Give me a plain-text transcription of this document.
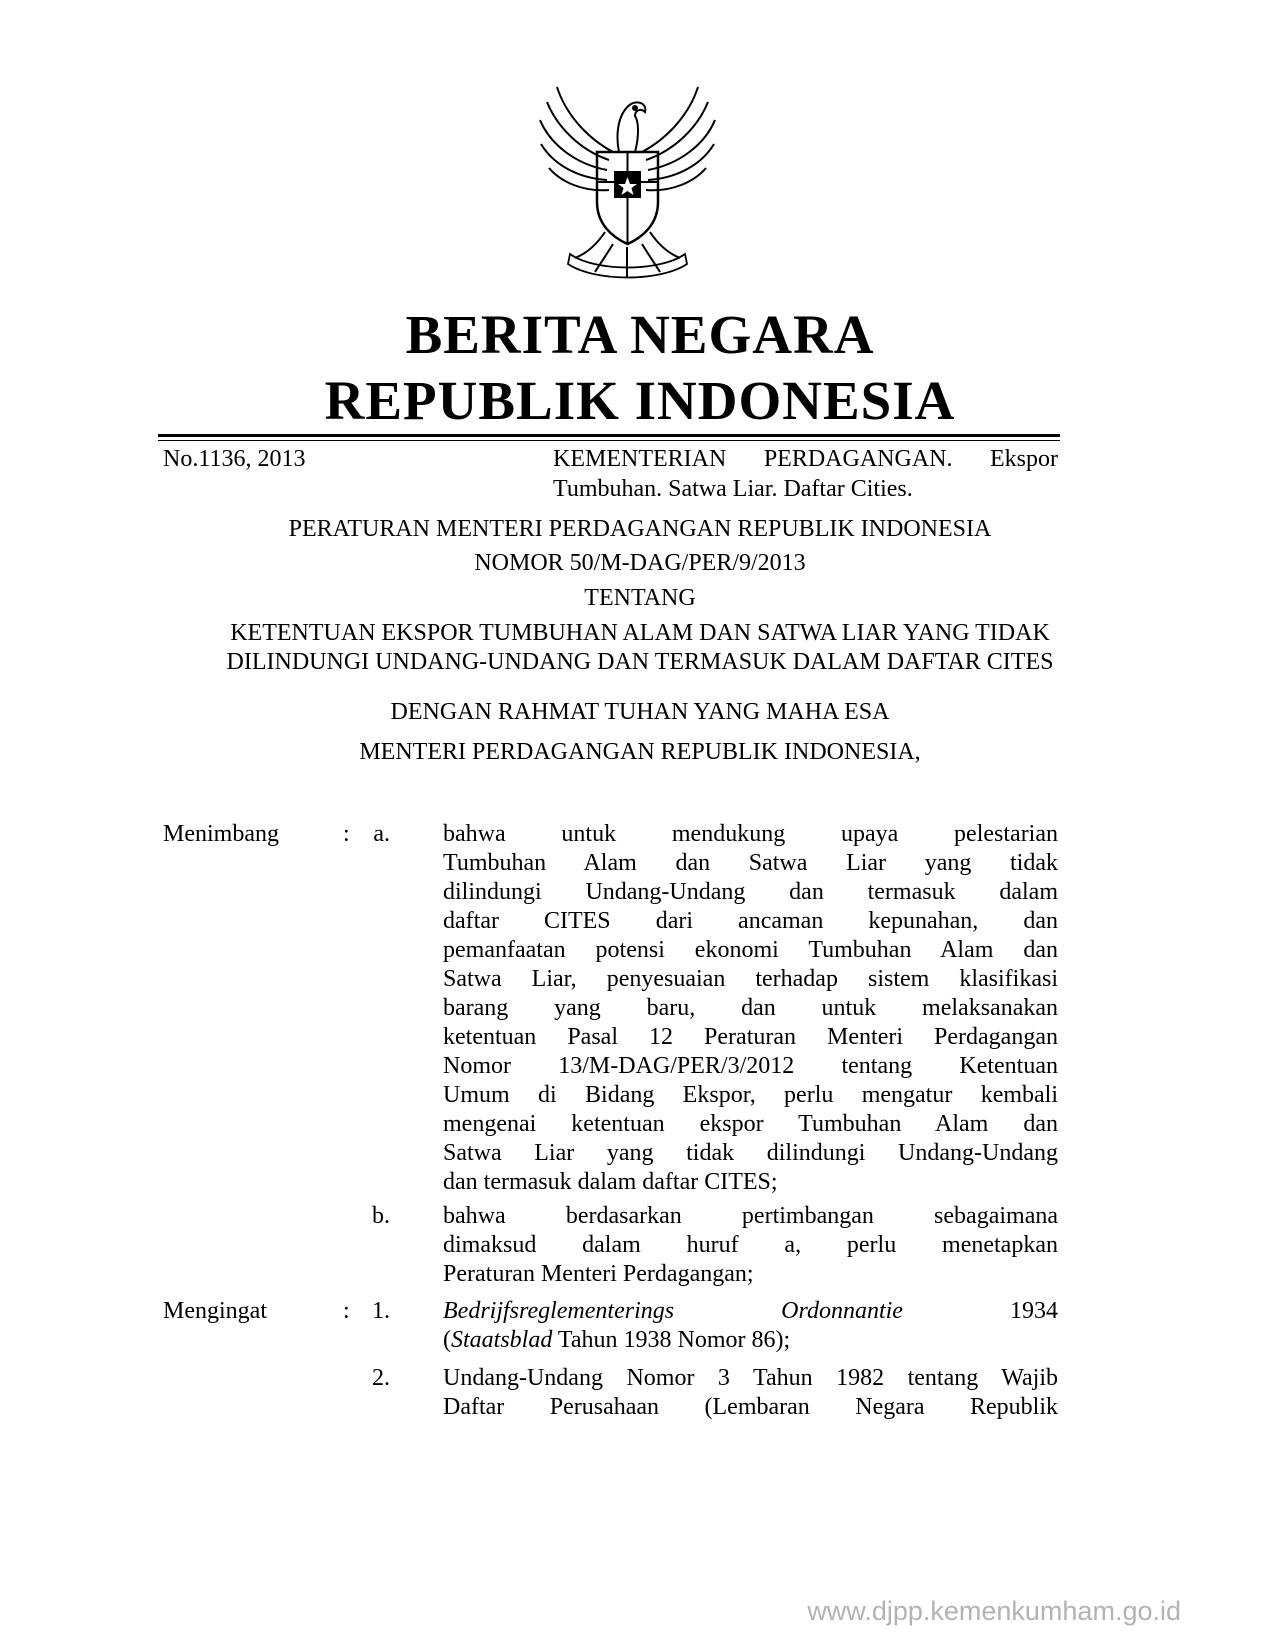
BERITA NEGARA
REPUBLIK INDONESIA
No.1136, 2013	KEMENTERIAN PERDAGANGAN. Ekspor
Tumbuhan. Satwa Liar. Daftar Cities.
PERATURAN MENTERI PERDAGANGAN REPUBLIK INDONESIA
NOMOR 50/M-DAG/PER/9/2013
TENTANG
KETENTUAN EKSPOR TUMBUHAN ALAM DAN SATWA LIAR YANG TIDAK
DILINDUNGI UNDANG-UNDANG DAN TERMASUK DALAM DAFTAR CITES
DENGAN RAHMAT TUHAN YANG MAHA ESA
MENTERI PERDAGANGAN REPUBLIK INDONESIA,
Menimbang	: a. bahwa untuk mendukung upaya pelestarian
Tumbuhan Alam dan Satwa Liar yang tidak
dilindungi Undang-Undang dan termasuk dalam
daftar CITES dari ancaman kepunahan, dan
pemanfaatan potensi ekonomi Tumbuhan Alam dan
Satwa Liar, penyesuaian terhadap sistem klasifikasi
barang yang baru, dan untuk melaksanakan
ketentuan Pasal 12 Peraturan Menteri Perdagangan
Nomor 13/M-DAG/PER/3/2012 tentang Ketentuan
Umum di Bidang Ekspor, perlu mengatur kembali
mengenai ketentuan ekspor Tumbuhan Alam dan
Satwa Liar yang tidak dilindungi Undang-Undang
dan termasuk dalam daftar CITES;
b. bahwa berdasarkan pertimbangan sebagaimana
dimaksud dalam huruf a, perlu menetapkan
Peraturan Menteri Perdagangan;
Mengingat	: 1. Bedrijfsreglementerings	Ordonnantie	1934
(Staatsblad Tahun 1938 Nomor 86);
2. Undang-Undang Nomor 3 Tahun 1982 tentang Wajib
Daftar Perusahaan (Lembaran Negara Republik
www.djpp.kemenkumham.go.id
